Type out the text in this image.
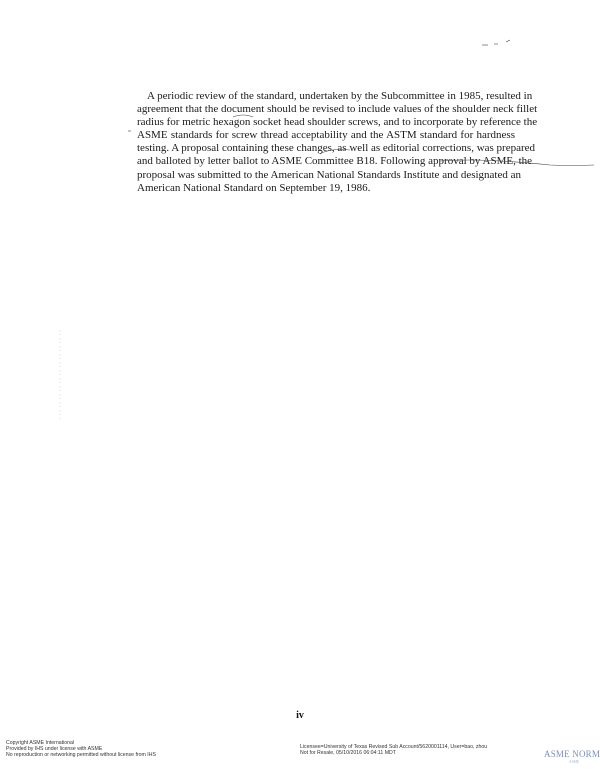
A periodic review of the standard, undertaken by the Subcommittee in 1985, resulted in
agreement that the document should be revised to include values of the shoulder neck fillet
radius for metric hexagon socket head shoulder screws, and to incorporate by reference the
ASME standards for screw thread acceptability and the ASTM standard for hardness
testing. A proposal containing these changes, as well as editorial corrections, was prepared
and balloted by letter ballot to ASME Committee B18. Following approval by ASME, the
proposal was submitted to the American National Standards Institute and designated an
American National Standard on September 19, 1986.
iv
Copyright ASME International
Provided by IHS under license with ASME
No reproduction or networking permitted without license from IHS
Licensee=University of Texas Revised Sub Account/5620001114, User=bao, zhou
Not for Resale, 05/10/2016 06:04:11 MDT	ASME NORM
ASME
